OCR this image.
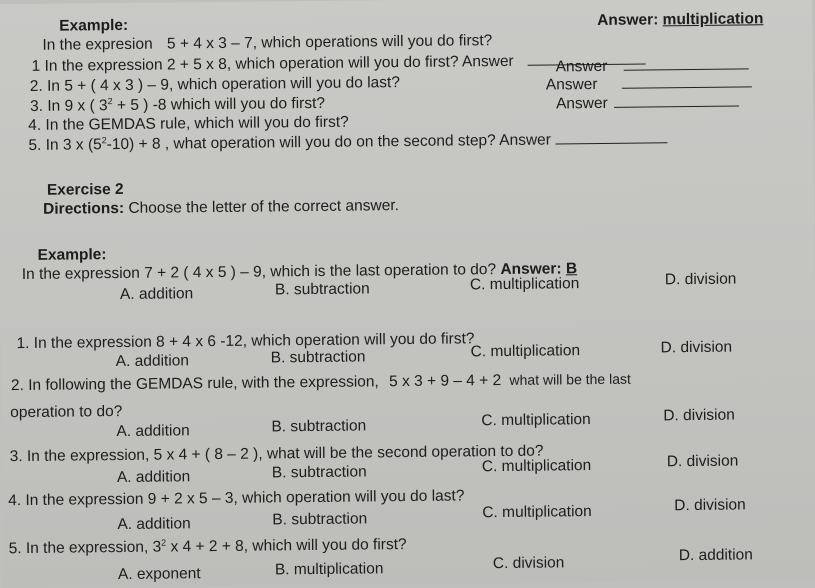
Example:
In the expresion 5 + 4 x 3 – 7, which operations will you do first?
Answer: multiplication
1 In the expression 2 + 5 x 8, which operation will you do first? Answer
2. In 5 + ( 4 x 3 ) – 9, which operation will you do last?
Answer
3. In 9 x ( $3^2 + 5$ ) -8 which will you do first?
Answer
4. In the GEMDAS rule, which will you do first?
Answer
5. In 3 x $(5^2-10) + 8$ , what operation will you do on the second step? Answer
Exercise 2
Directions: Choose the letter of the correct answer.
Example:
In the expression 7 + 2 ( 4 x 5 ) – 9, which is the last operation to do? Answer: B
A. addition	B. subtraction	C. multiplication	D. division
1. In the expression 8 + 4 x 6 -12, which operation will you do first?
A. addition	B. subtraction	C. multiplication	D. division
2. In following the GEMDAS rule, with the expression, 5 x 3 + 9 – 4 + 2 what will be the last
operation to do?
A. addition	B. subtraction	C. multiplication	D. division
3. In the expression, 5 x 4 + ( 8 – 2 ), what will be the second operation to do?
A. addition	B. subtraction	C. multiplication	D. division
4. In the expression 9 + 2 x 5 – 3, which operation will you do last?
A. addition	B. subtraction	C. multiplication	D. division
5. In the expression, $3^2$ x 4 + 2 + 8, which will you do first?
A. exponent	B. multiplication	C. division	D. addition
